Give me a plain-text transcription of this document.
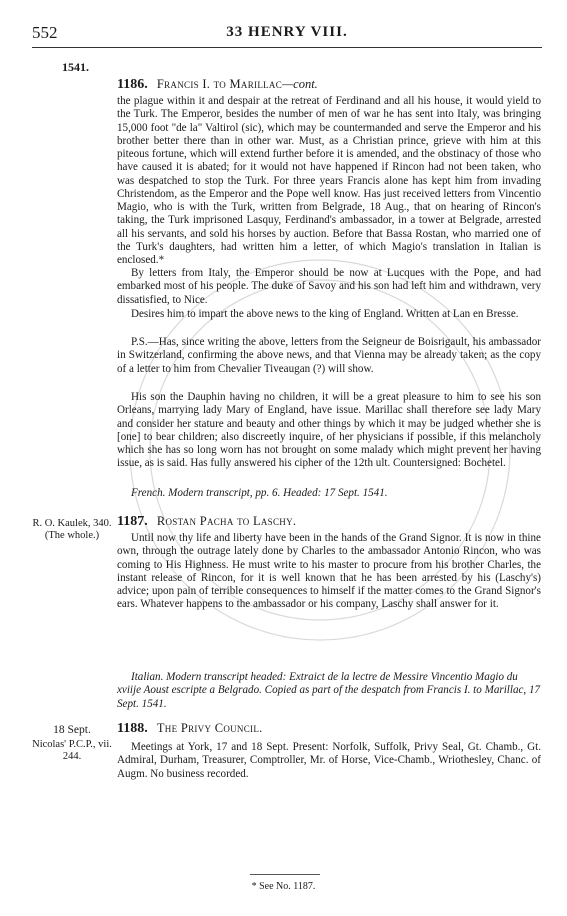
552	33 HENRY VIII.
1541.
1186. Francis I. to Marillac—cont.

the plague within it and despair at the retreat of Ferdinand and all his house, it would yield to the Turk. The Emperor, besides the number of men of war he has sent into Italy, was bringing 15,000 foot "de la" Valtirol (sic), which may be countermanded and serve the Emperor and his brother better there than in other war. Must, as a Christian prince, grieve with him at this piteous fortune, which will extend further before it is amended, and the obstinacy of those who have caused it is abated; for it would not have happened if Rincon had not been taken, who was despatched to stop the Turk. For three years Francis alone has kept him from invading Christendom, as the Emperor and the Pope well know. Has just received letters from Vincentio Magio, who is with the Turk, written from Belgrade, 18 Aug., that on hearing of Rincon's taking, the Turk imprisoned Lasquy, Ferdinand's ambassador, in a tower at Belgrade, arrested all his servants, and sold his horses by auction. Before that Bassa Rostan, who married one of the Turk's daughters, had written him a letter, of which Magio's translation in Italian is enclosed.*

By letters from Italy, the Emperor should be now at Lucques with the Pope, and had embarked most of his people. The duke of Savoy and his son had left him and withdrawn, very dissatisfied, to Nice.

Desires him to impart the above news to the king of England. Written at Lan en Bresse.

P.S.—Has, since writing the above, letters from the Seigneur de Boisrigault, his ambassador in Switzerland, confirming the above news, and that Vienna may be already taken; as the copy of a letter to him from Chevalier Tiveaugan (?) will show.

His son the Dauphin having no children, it will be a great pleasure to him to see his son Orleans, marrying lady Mary of England, have issue. Marillac shall therefore see lady Mary and consider her stature and beauty and other things by which it may be judged whether she is [one] to bear children; also discreetly inquire, of her physicians if possible, if this melancholy which she has so long worn has not brought on some malady which might prevent her having issue, as is said. Has fully answered his cipher of the 12th ult. Countersigned: Bochetel.

French. Modern transcript, pp. 6. Headed: 17 Sept. 1541.

R. O. Kaulek, 340. (The whole.)
1187. Rostan Pacha to Laschy.

Until now thy life and liberty have been in the hands of the Grand Signor. It is now in thine own, through the outrage lately done by Charles to the ambassador Antonio Rincon, who was coming to His Highness. He must write to his master to procure from his brother Charles, the instant release of Rincon, for it is well known that he has been arrested by his (Laschy's) advice; upon pain of terrible consequences to himself if the matter comes to the Grand Signor's ears. Whatever happens to the ambassador or his company, Laschy shall answer for it.

Italian. Modern transcript headed: Extraict de la lectre de Messire Vincentio Magio du xviije Aoust escripte a Belgrado. Copied as part of the despatch from Francis I. to Marillac, 17 Sept. 1541.

18 Sept.
Nicolas' P.C.P., vii. 244.
1188. The Privy Council.

Meetings at York, 17 and 18 Sept. Present: Norfolk, Suffolk, Privy Seal, Gt. Chamb., Gt. Admiral, Durham, Treasurer, Comptroller, Mr. of Horse, Vice-Chamb., Wriothesley, Chanc. of Augm. No business recorded.

* See No. 1187.
